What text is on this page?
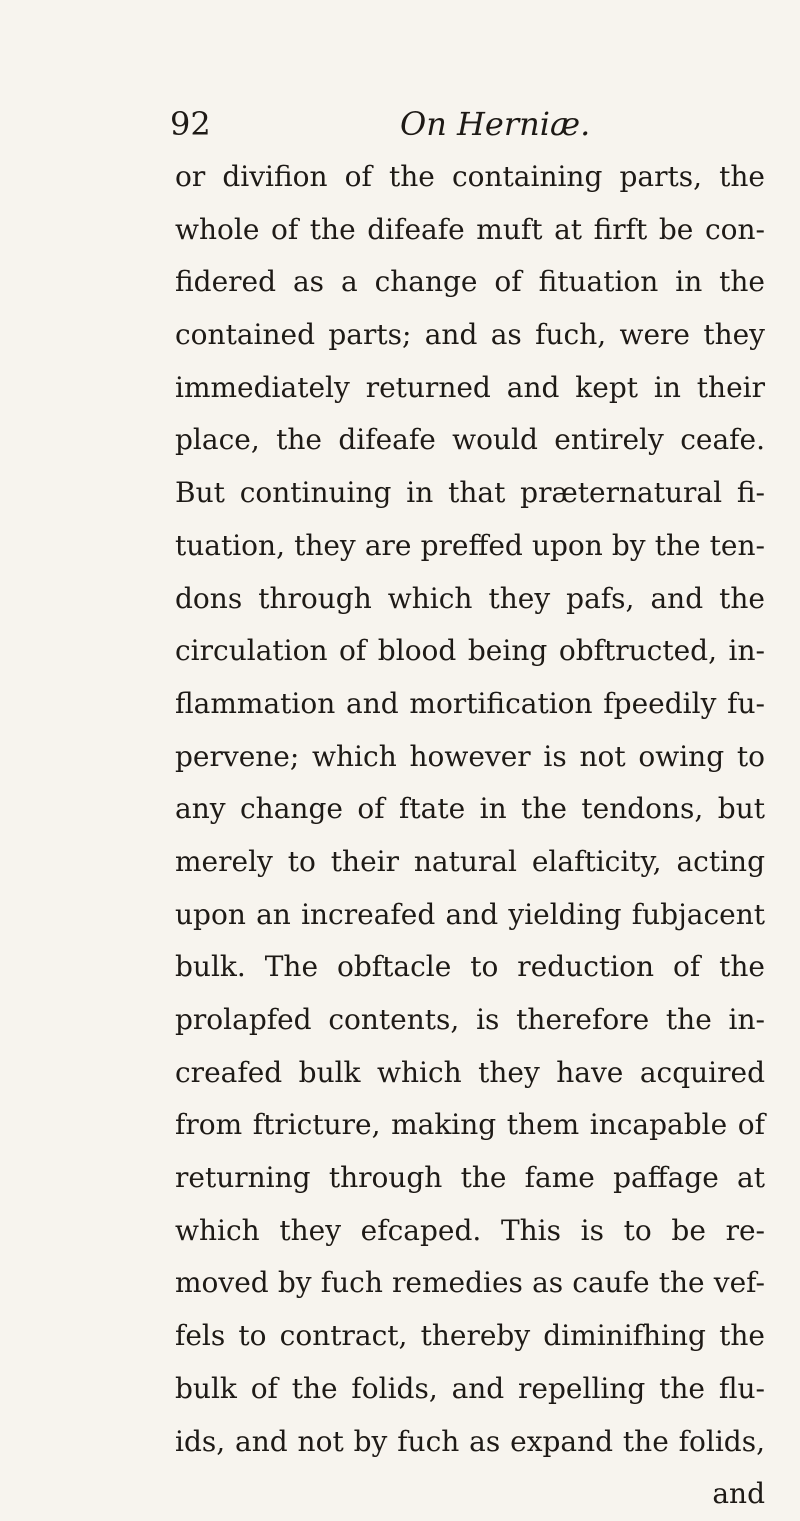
92	On Herniæ.
or divifion of the containing parts, the
whole of the difeafe muft at firft be con-
fidered as a change of fituation in the
contained parts; and as fuch, were they
immediately returned and kept in their
place, the difeafe would entirely ceafe.
But continuing in that præternatural fi-
tuation, they are preffed upon by the ten-
dons through which they pafs, and the
circulation of blood being obftructed, in-
flammation and mortification fpeedily fu-
pervene; which however is not owing to
any change of ftate in the tendons, but
merely to their natural elafticity, acting
upon an increafed and yielding fubjacent
bulk. The obftacle to reduction of the
prolapfed contents, is therefore the in-
creafed bulk which they have acquired
from ftricture, making them incapable of
returning through the fame paffage at
which they efcaped. This is to be re-
moved by fuch remedies as caufe the vef-
fels to contract, thereby diminifhing the
bulk of the folids, and repelling the flu-
ids, and not by fuch as expand the folids,
and
